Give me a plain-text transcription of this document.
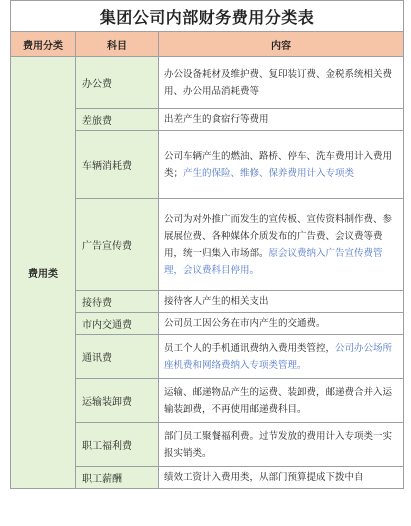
集团公司内部财务费用分类表		
费用分类	科目	内容
费用类	办公费	办公设备耗材及维护费、复印装订费、金税系统相关费用、办公用品消耗费等
	差旅费	出差产生的食宿行等费用
	车辆消耗费	公司车辆产生的燃油、路桥、停车、洗车费用计入费用类；产生的保险、维修、保养费用计入专项类
	广告宣传费	公司为对外推广而发生的宣传板、宣传资料制作费、参展展位费、各种媒体介质发布的广告费、会议费等费用，统一归集入市场部。原会议费纳入广告宣传费管理，会议费科目停用。
	接待费	接待客人产生的相关支出
	市内交通费	公司员工因公务在市内产生的交通费。
	通讯费	员工个人的手机通讯费纳入费用类管控，公司办公场所座机费和网络费纳入专项类管理。
	运输装卸费	运输、邮递物品产生的运费、装卸费，邮递费合并入运输装卸费，不再使用邮递费科目。
	职工福利费	部门员工聚餐福利费。过节发放的费用计入专项类一实报实销类。
	职工薪酬	绩效工资计入费用类，从部门预算提成下拨中自
